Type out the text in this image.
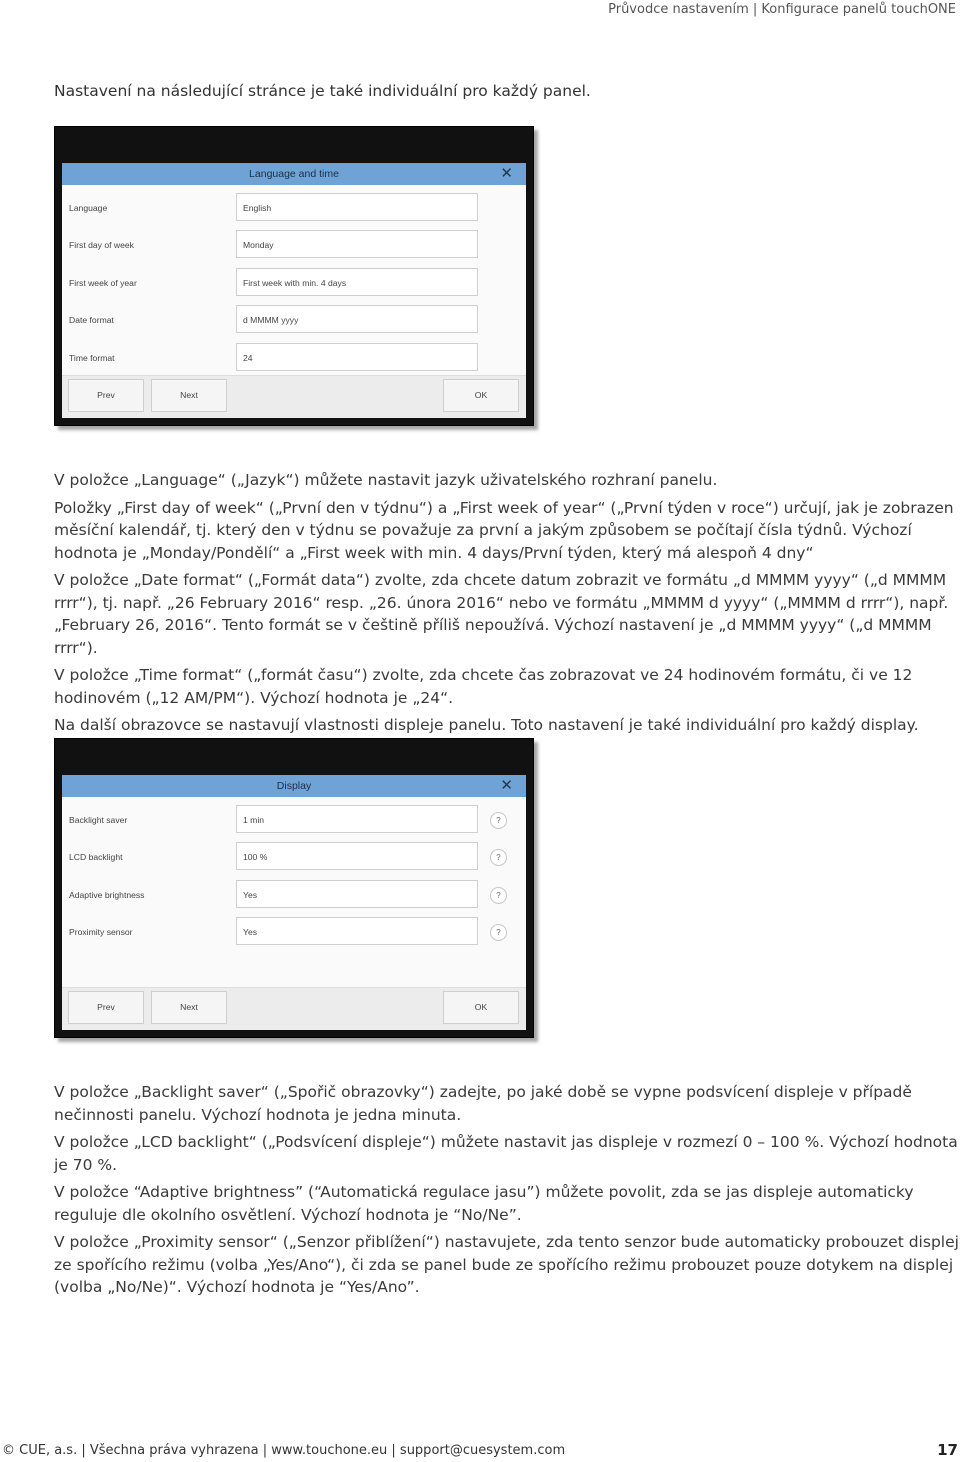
Průvodce nastavením | Konfigurace panelů touchONE
Nastavení na následující stránce je také individuální pro každý panel.
Language and time	✕
Language	English
First day of week	Monday
First week of year	First week with min. 4 days
Date format	d MMMM yyyy
Time format	24
Prev	Next	OK

V položce „Language“ („Jazyk“) můžete nastavit jazyk uživatelského rozhraní panelu.

Položky „First day of week“ („První den v týdnu“) a „First week of year“ („První týden v roce“) určují, jak je zobrazen měsíční kalendář, tj. který den v týdnu se považuje za první a jakým způsobem se počítají čísla týdnů. Výchozí hodnota je „Monday/Pondělí“ a „First week with min. 4 days/První týden, který má alespoň 4 dny“

V položce „Date format“ („Formát data“) zvolte, zda chcete datum zobrazit ve formátu „d MMMM yyyy“ („d MMMM rrrr“), tj. např. „26 February 2016“ resp. „26. února 2016“ nebo ve formátu „MMMM d yyyy“ („MMMM d rrrr“), např. „February 26, 2016“. Tento formát se v češtině příliš nepoužívá. Výchozí nastavení je „d MMMM yyyy“ („d MMMM rrrr“).

V položce „Time format“ („formát času“) zvolte, zda chcete čas zobrazovat ve 24 hodinovém formátu, či ve 12 hodinovém („12 AM/PM“). Výchozí hodnota je „24“.

Na další obrazovce se nastavují vlastnosti displeje panelu. Toto nastavení je také individuální pro každý display.

Display	✕
Backlight saver	1 min	?
LCD backlight	100 %	?
Adaptive brightness	Yes	?
Proximity sensor	Yes	?
Prev	Next	OK

V položce „Backlight saver“ („Spořič obrazovky“) zadejte, po jaké době se vypne podsvícení displeje v případě nečinnosti panelu. Výchozí hodnota je jedna minuta.

V položce „LCD backlight“ („Podsvícení displeje“) můžete nastavit jas displeje v rozmezí 0 – 100 %. Výchozí hodnota je 70 %.

V položce “Adaptive brightness” (“Automatická regulace jasu”) můžete povolit, zda se jas displeje automaticky reguluje dle okolního osvětlení. Výchozí hodnota je “No/Ne”.

V položce „Proximity sensor“ („Senzor přiblížení“) nastavujete, zda tento senzor bude automaticky probouzet displej ze spořícího režimu (volba „Yes/Ano“), či zda se panel bude ze spořícího režimu probouzet pouze dotykem na displej (volba „No/Ne)“. Výchozí hodnota je “Yes/Ano”.

© CUE, a.s. | Všechna práva vyhrazena | www.touchone.eu | support@cuesystem.com	17
